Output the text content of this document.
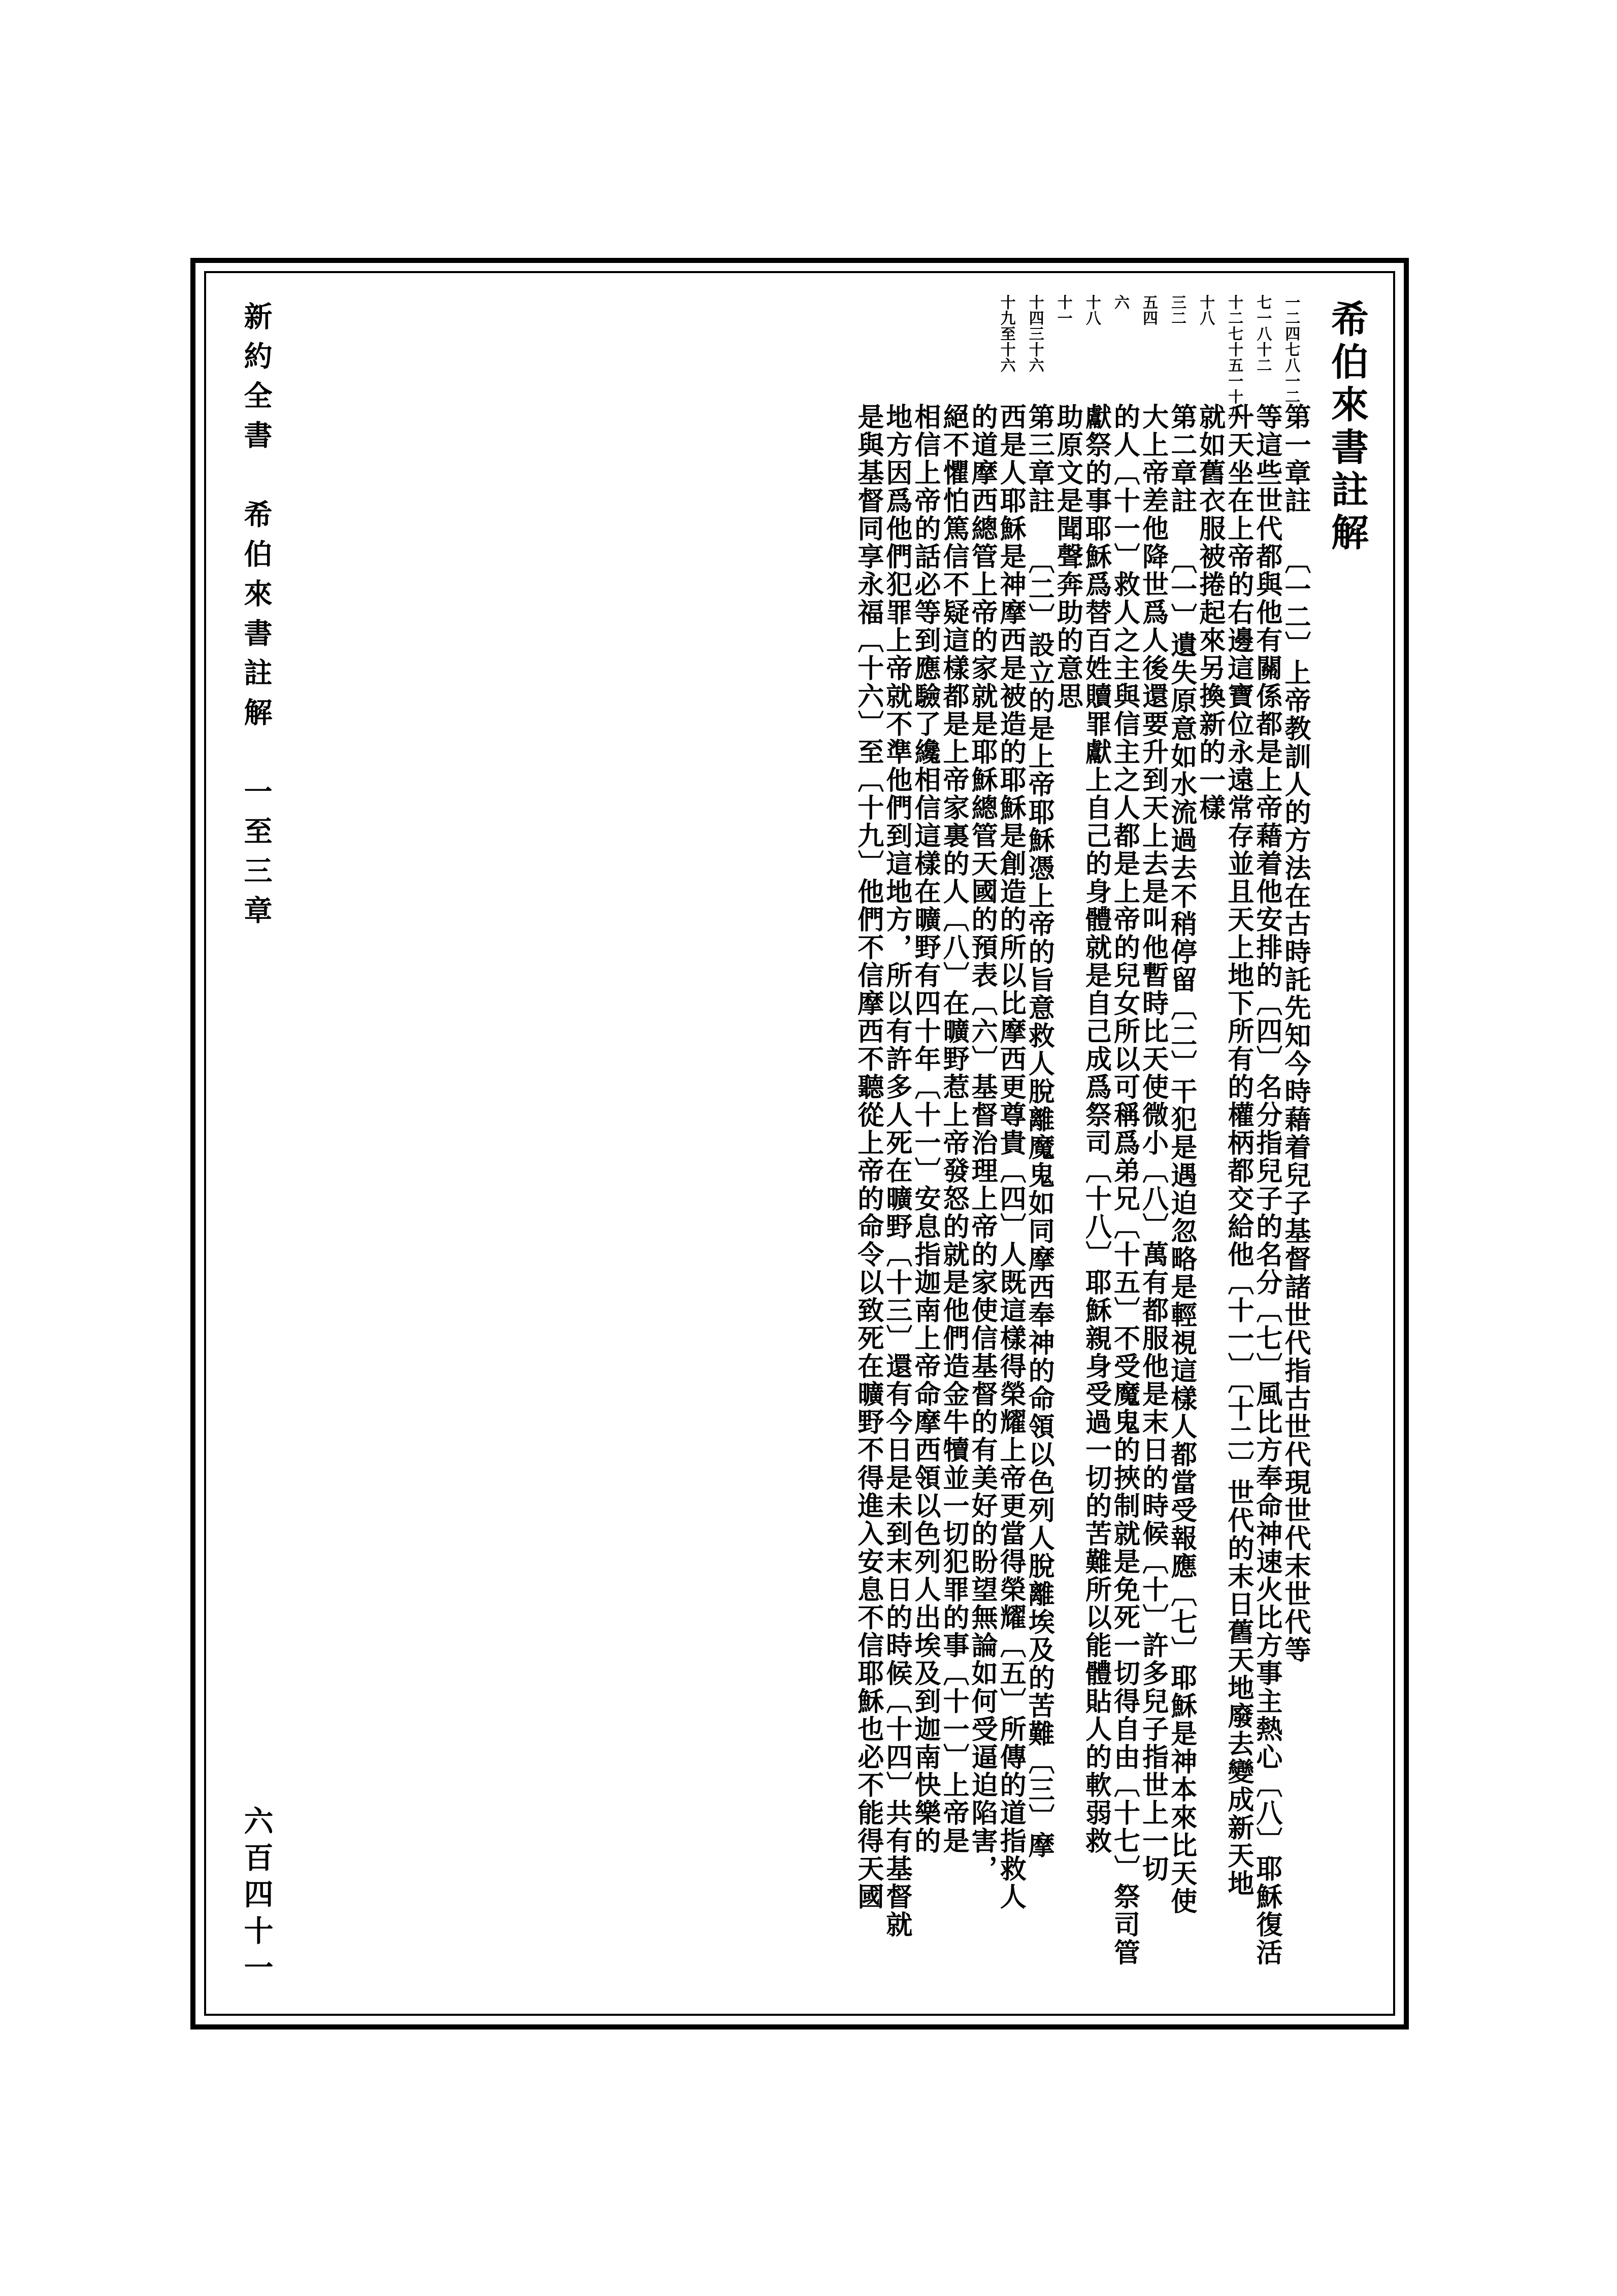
希伯來書註解
一二四七八一二
第一章註 〔一二〕上帝教訓人的方法在古時託先知今時藉着兒子基督諸世代指古世代現世代末世代等
七一八十二
等這些世代都與他有關係都是上帝藉着他安排的〔四〕名分指兒子的名分〔七〕風比方奉命神速火比方事主熱心〔八〕耶穌復活
十二七十五一十八
升天坐在上帝的右邊這寶位永遠常存並且天上地下所有的權柄都交給他〔十一〕〔十二〕世代的末日舊天地廢去變成新天地
十八
就如舊衣服被捲起來另換新的一樣
三二
第二章註 〔一〕遺失原意如水流過去不稍停留〔二〕干犯是遇迫忽略是輕視這樣人都當受報應〔七〕耶穌是神本來比天使
五四
大上帝差他降世爲人後還要升到天上去是叫他暫時比天使微小〔八〕萬有都服他是末日的時候〔十〕許多兒子指世上一切
六
的人〔十一〕救人之主與信主之人都是上帝的兒女所以可稱爲弟兄〔十五〕不受魔鬼的挾制就是免死一切得自由〔十七〕祭司管
十八
獻祭的事耶穌爲替百姓贖罪獻上自己的身體就是自己成爲祭司〔十八〕耶穌親身受過一切的苦難所以能體貼人的軟弱救
十一
助原文是聞聲奔助的意思
十四三十六
第三章註 〔二〕設立的是上帝耶穌憑上帝的旨意救人脫離魔鬼如同摩西奉神的命領以色列人脫離埃及的苦難〔三〕摩
十九至十六
西是人耶穌是神摩西是被造的耶穌是創造的所以比摩西更尊貴〔四〕人既這樣得榮耀上帝更當得榮耀〔五〕所傳的道指救人
的道摩西總管上帝的家就是耶穌總管天國的預表〔六〕基督治理上帝的家使信基督的有美好的盼望無論如何受逼迫陷害，
絕不懼怕篤信不疑這樣都是上帝家裏的人〔八〕在曠野惹上帝發怒的就是他們造金牛犢並一切犯罪的事〔十一〕上帝是
相信上帝的話必等到應驗了纔相信這樣在曠野有四十年〔十一〕安息指迦南上帝命摩西領以色列人出埃及到迦南快樂的
地方因爲他們犯罪上帝就不準他們到這地方，所以有許多人死在曠野〔十三〕還有今日是未到末日的時候〔十四〕共有基督就
是與基督同享永福〔十六〕至〔十九〕他們不信摩西不聽從上帝的命令以致死在曠野不得進入安息不信耶穌也必不能得天國
新約全書　希伯來書註解　一至三章
六百四十一
